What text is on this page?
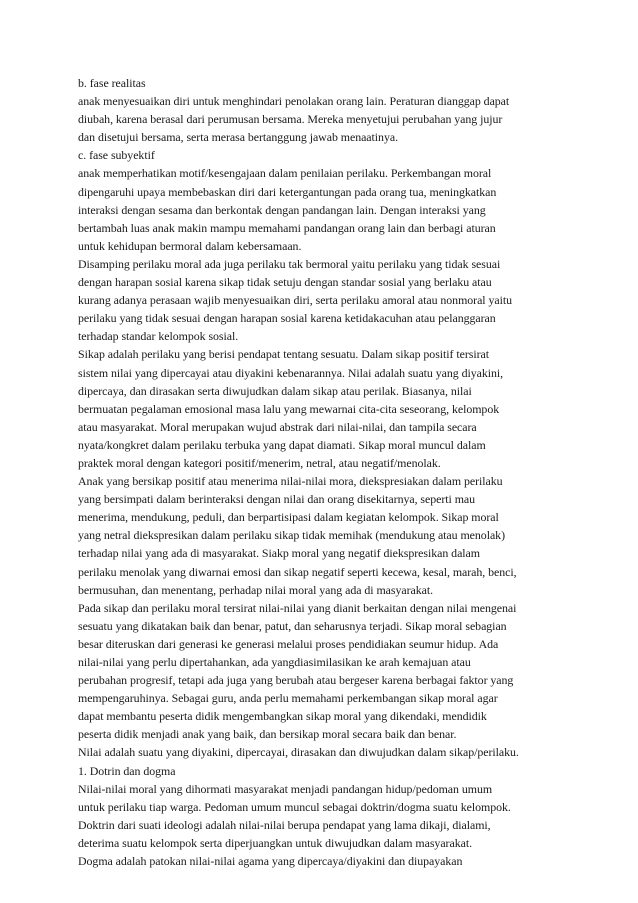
b. fase realitas
anak menyesuaikan diri untuk menghindari penolakan orang lain. Peraturan dianggap dapat
diubah, karena berasal dari perumusan bersama. Mereka menyetujui perubahan yang jujur
dan disetujui bersama, serta merasa bertanggung jawab menaatinya.
c. fase subyektif
anak memperhatikan motif/kesengajaan dalam penilaian perilaku. Perkembangan moral
dipengaruhi upaya membebaskan diri dari ketergantungan pada orang tua, meningkatkan
interaksi dengan sesama dan berkontak dengan pandangan lain. Dengan interaksi yang
bertambah luas anak makin mampu memahami pandangan orang lain dan berbagi aturan
untuk kehidupan bermoral dalam kebersamaan.
Disamping perilaku moral ada juga perilaku tak bermoral yaitu perilaku yang tidak sesuai
dengan harapan sosial karena sikap tidak setuju dengan standar sosial yang berlaku atau
kurang adanya perasaan wajib menyesuaikan diri, serta perilaku amoral atau nonmoral yaitu
perilaku yang tidak sesuai dengan harapan sosial karena ketidakacuhan atau pelanggaran
terhadap standar kelompok sosial.
Sikap adalah perilaku yang berisi pendapat tentang sesuatu. Dalam sikap positif tersirat
sistem nilai yang dipercayai atau diyakini kebenarannya. Nilai adalah suatu yang diyakini,
dipercaya, dan dirasakan serta diwujudkan dalam sikap atau perilak. Biasanya, nilai
bermuatan pegalaman emosional masa lalu yang mewarnai cita-cita seseorang, kelompok
atau masyarakat. Moral merupakan wujud abstrak dari nilai-nilai, dan tampila secara
nyata/kongkret dalam perilaku terbuka yang dapat diamati. Sikap moral muncul dalam
praktek moral dengan kategori positif/menerim, netral, atau negatif/menolak.
Anak yang bersikap positif atau menerima nilai-nilai mora, diekspresiakan dalam perilaku
yang bersimpati dalam berinteraksi dengan nilai dan orang disekitarnya, seperti mau
menerima, mendukung, peduli, dan berpartisipasi dalam kegiatan kelompok. Sikap moral
yang netral diekspresikan dalam perilaku sikap tidak memihak (mendukung atau menolak)
terhadap nilai yang ada di masyarakat. Siakp moral yang negatif diekspresikan dalam
perilaku menolak yang diwarnai emosi dan sikap negatif seperti kecewa, kesal, marah, benci,
bermusuhan, dan menentang, perhadap nilai moral yang ada di masyarakat.
Pada sikap dan perilaku moral tersirat nilai-nilai yang dianit berkaitan dengan nilai mengenai
sesuatu yang dikatakan baik dan benar, patut, dan seharusnya terjadi. Sikap moral sebagian
besar diteruskan dari generasi ke generasi melalui proses pendidiakan seumur hidup. Ada
nilai-nilai yang perlu dipertahankan, ada yangdiasimilasikan ke arah kemajuan atau
perubahan progresif, tetapi ada juga yang berubah atau bergeser karena berbagai faktor yang
mempengaruhinya. Sebagai guru, anda perlu memahami perkembangan sikap moral agar
dapat membantu peserta didik mengembangkan sikap moral yang dikendaki, mendidik
peserta didik menjadi anak yang baik, dan bersikap moral secara baik dan benar.
Nilai adalah suatu yang diyakini, dipercayai, dirasakan dan diwujudkan dalam sikap/perilaku.
1. Dotrin dan dogma
Nilai-nilai moral yang dihormati masyarakat menjadi pandangan hidup/pedoman umum
untuk perilaku tiap warga. Pedoman umum muncul sebagai doktrin/dogma suatu kelompok.
Doktrin dari suati ideologi adalah nilai-nilai berupa pendapat yang lama dikaji, dialami,
deterima suatu kelompok serta diperjuangkan untuk diwujudkan dalam masyarakat.
Dogma adalah patokan nilai-nilai agama yang dipercaya/diyakini dan diupayakan
